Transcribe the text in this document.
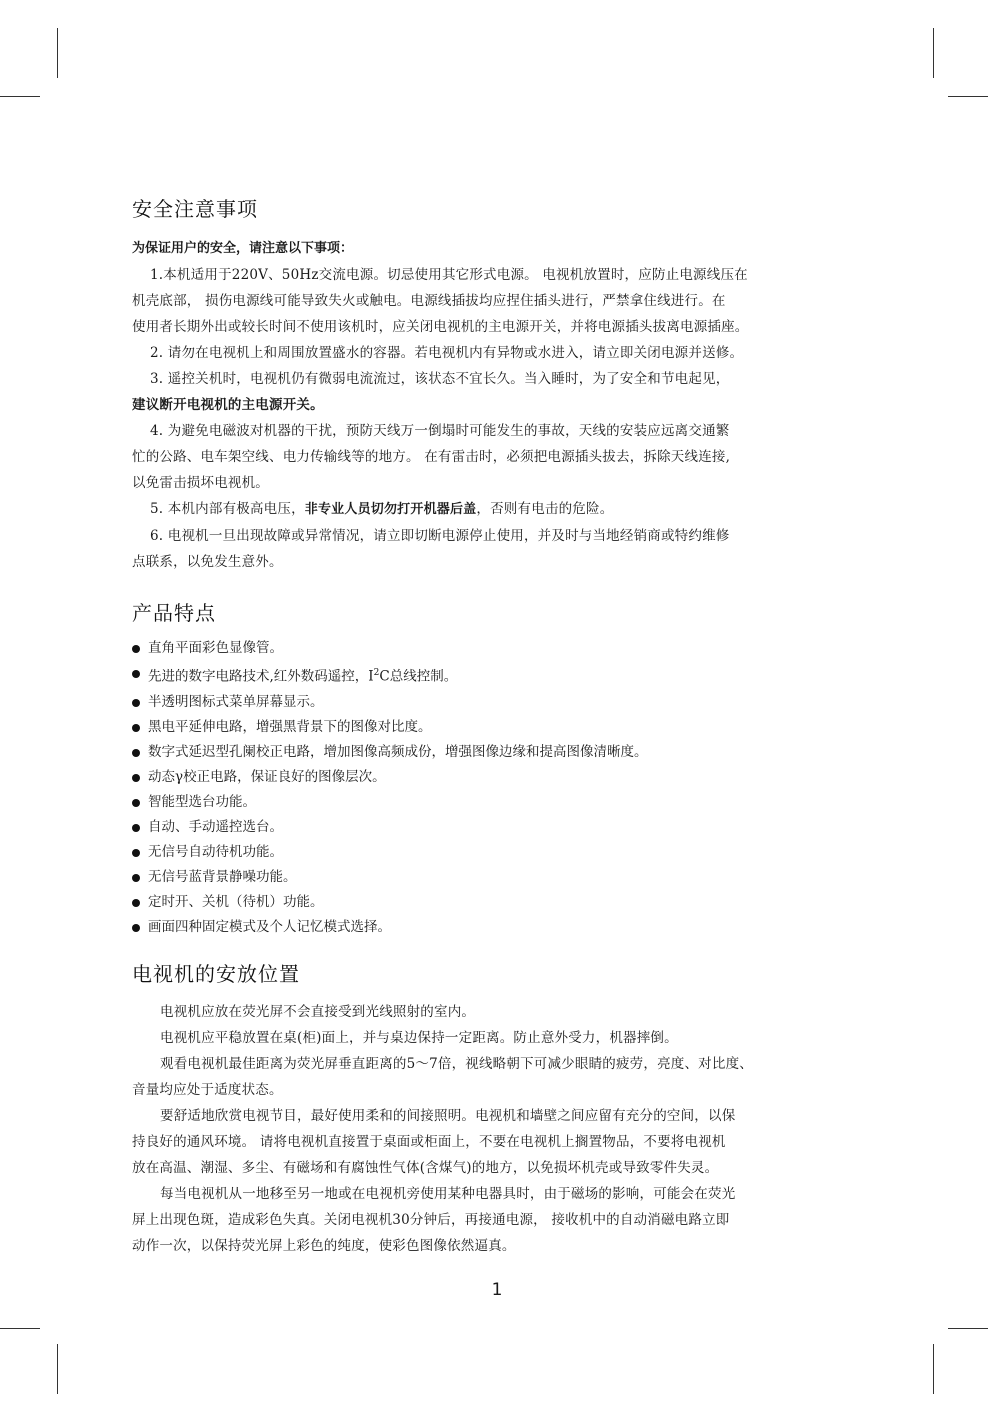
安全注意事项
为保证用户的安全，请注意以下事项：

1.本机适用于220V、50Hz交流电源。切忌使用其它形式电源。 电视机放置时，应防止电源线压在

机壳底部， 损伤电源线可能导致失火或触电。电源线插拔均应捏住插头进行，严禁拿住线进行。在

使用者长期外出或较长时间不使用该机时，应关闭电视机的主电源开关，并将电源插头拔离电源插座。

2. 请勿在电视机上和周围放置盛水的容器。若电视机内有异物或水进入，请立即关闭电源并送修。

3. 遥控关机时，电视机仍有微弱电流流过，该状态不宜长久。当入睡时，为了安全和节电起见，

建议断开电视机的主电源开关。

4. 为避免电磁波对机器的干扰，预防天线万一倒塌时可能发生的事故，天线的安装应远离交通繁

忙的公路、电车架空线、电力传输线等的地方。 在有雷击时，必须把电源插头拔去，拆除天线连接,

以免雷击损坏电视机。

5. 本机内部有极高电压，非专业人员切勿打开机器后盖，否则有电击的危险。

6. 电视机一旦出现故障或异常情况，请立即切断电源停止使用，并及时与当地经销商或特约维修

点联系，以免发生意外。

产品特点
直角平面彩色显像管。
先进的数字电路技术,红外数码遥控，$I^2C$总线控制。
半透明图标式菜单屏幕显示。
黑电平延伸电路，增强黑背景下的图像对比度。
数字式延迟型孔阑校正电路，增加图像高频成份，增强图像边缘和提高图像清晰度。
动态γ校正电路，保证良好的图像层次。
智能型选台功能。
自动、手动遥控选台。
无信号自动待机功能。
无信号蓝背景静噪功能。
定时开、关机（待机）功能。
画面四种固定模式及个人记忆模式选择。
电视机的安放位置

电视机应放在荧光屏不会直接受到光线照射的室内。

电视机应平稳放置在桌(柜)面上，并与桌边保持一定距离。防止意外受力，机器摔倒。

观看电视机最佳距离为荧光屏垂直距离的5～7倍，视线略朝下可减少眼睛的疲劳，亮度、对比度、

音量均应处于适度状态。

要舒适地欣赏电视节目，最好使用柔和的间接照明。电视机和墙壁之间应留有充分的空间，以保

持良好的通风环境。 请将电视机直接置于桌面或柜面上，不要在电视机上搁置物品，不要将电视机

放在高温、潮湿、多尘、有磁场和有腐蚀性气体(含煤气)的地方，以免损坏机壳或导致零件失灵。

每当电视机从一地移至另一地或在电视机旁使用某种电器具时，由于磁场的影响，可能会在荧光

屏上出现色斑，造成彩色失真。关闭电视机30分钟后，再接通电源， 接收机中的自动消磁电路立即

动作一次，以保持荧光屏上彩色的纯度，使彩色图像依然逼真。

1
